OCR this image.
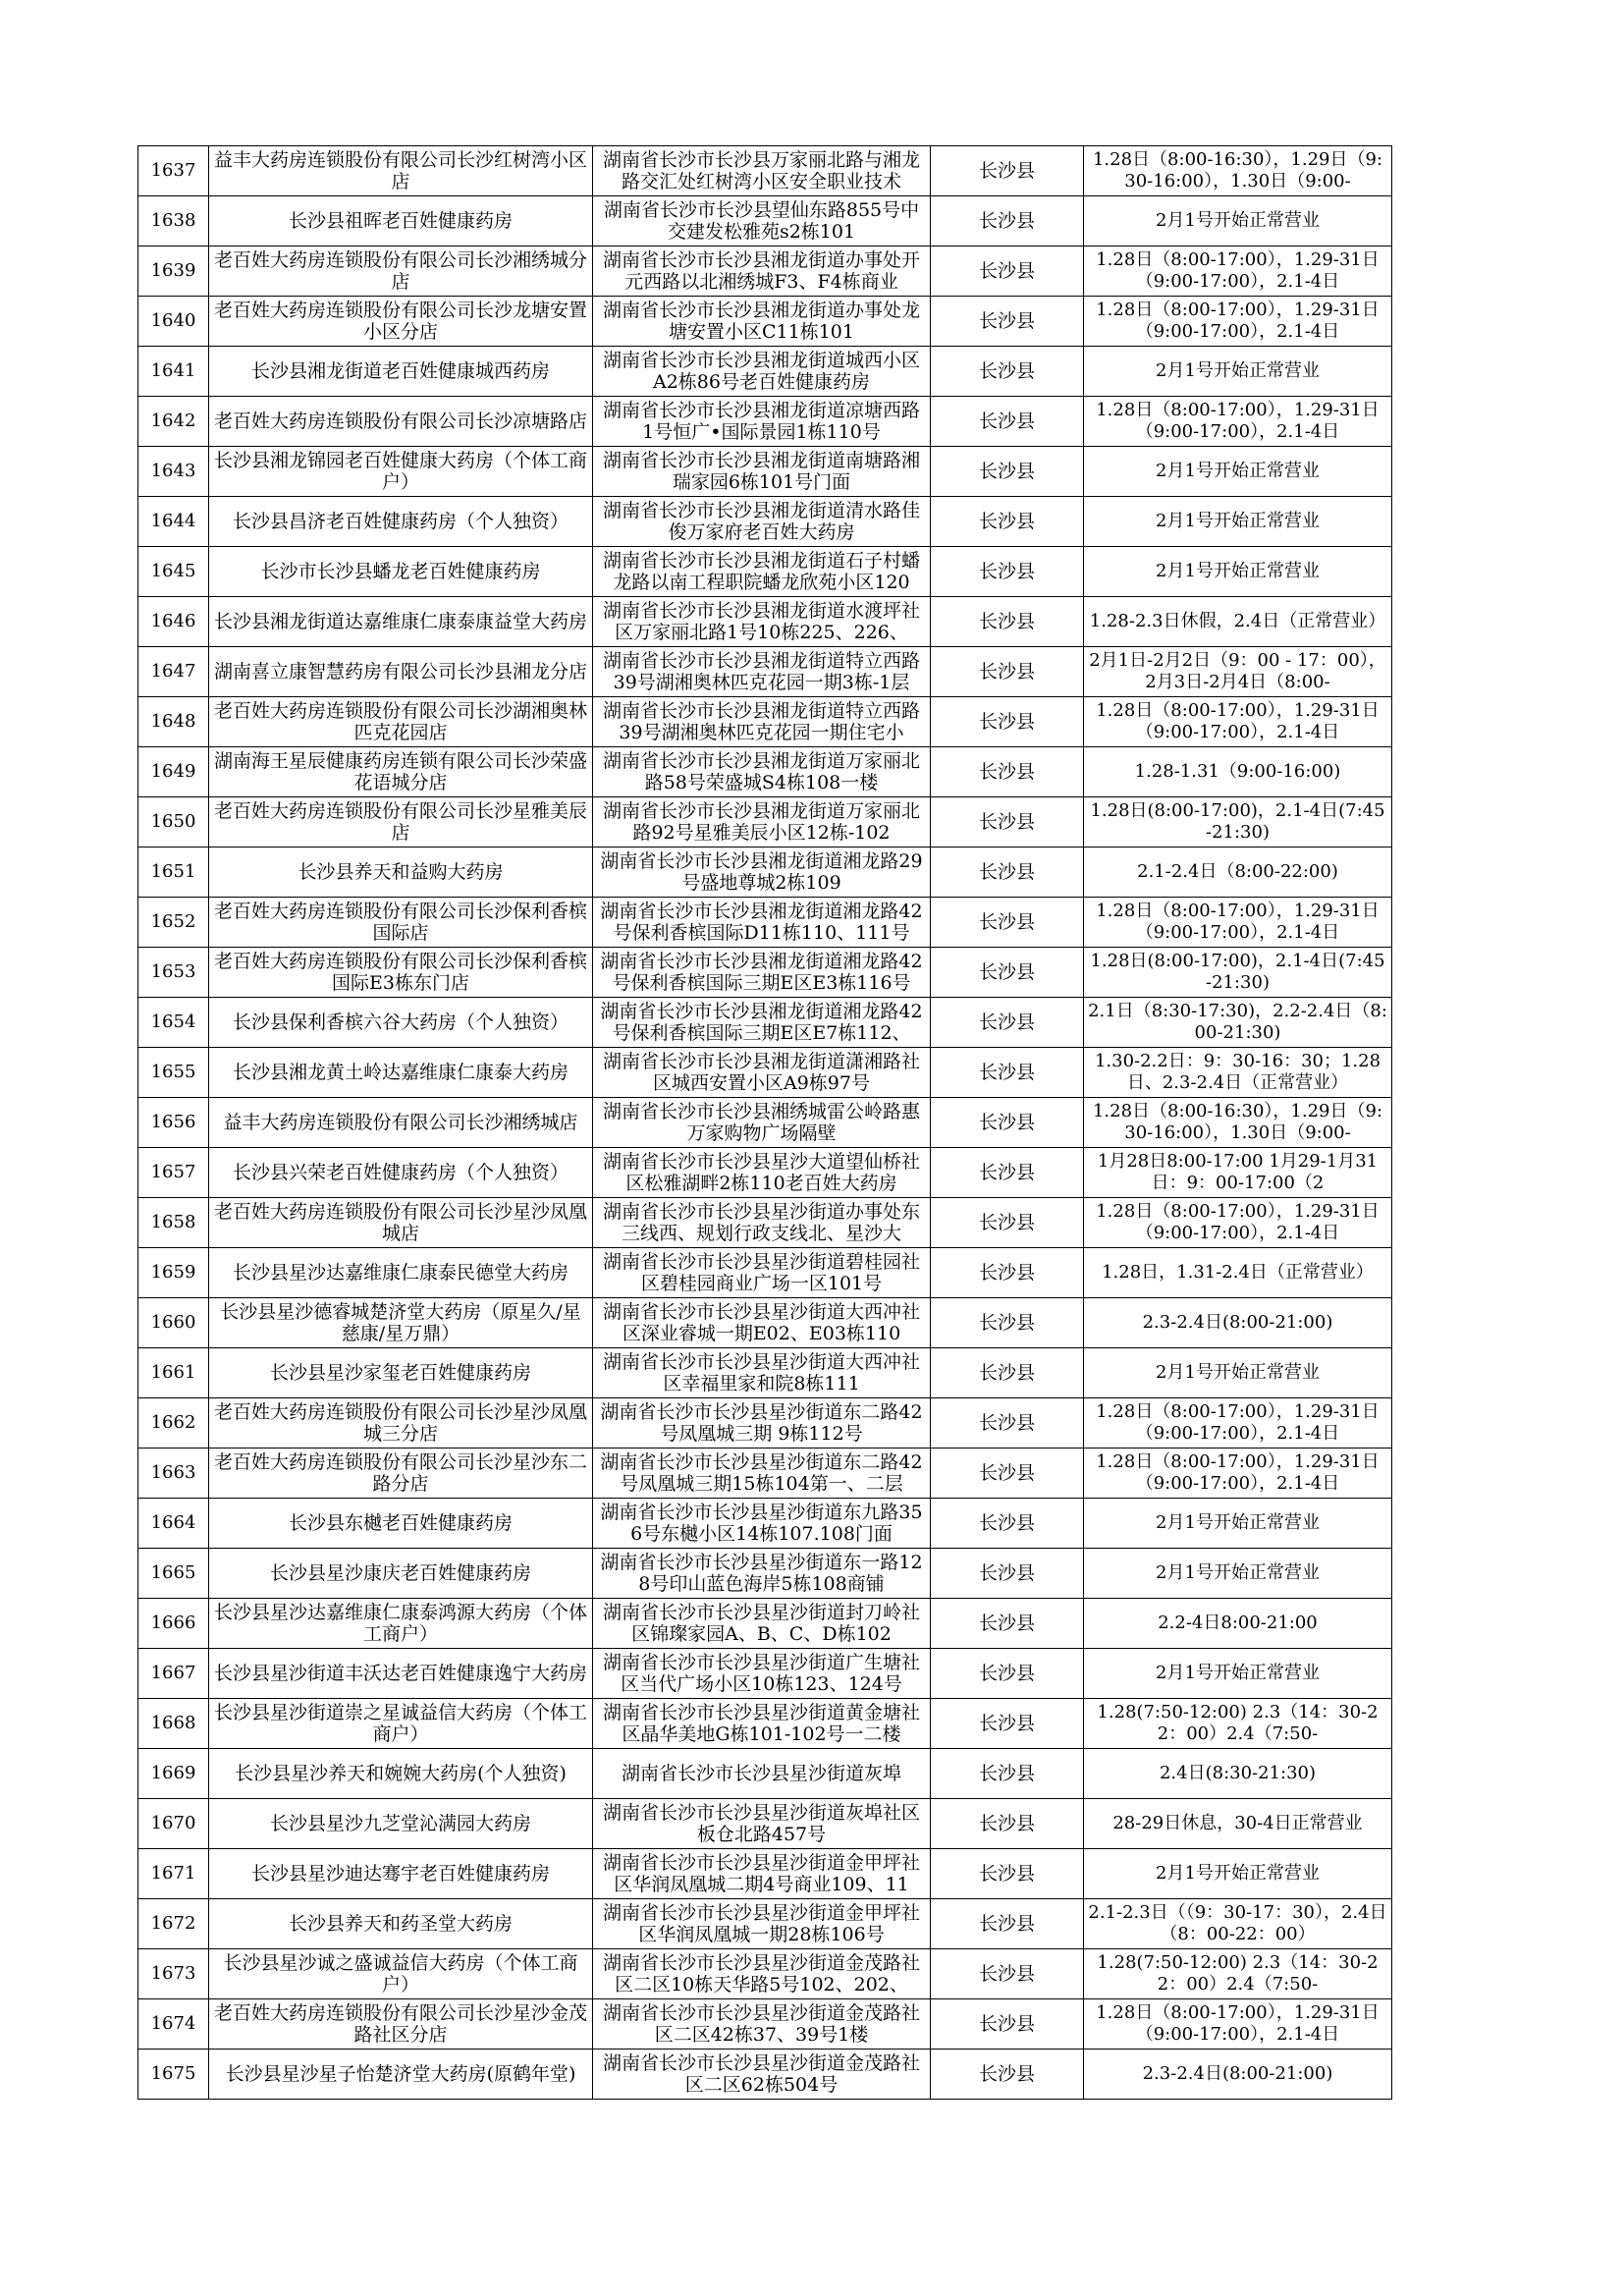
1637	益丰大药房连锁股份有限公司长沙红树湾小区店	湖南省长沙市长沙县万家丽北路与湘龙路交汇处红树湾小区安全职业技术	长沙县	1.28日（8:00-16:30），1.29日（9:30-16:00），1.30日（9:00-

1638	长沙县祖晖老百姓健康药房	湖南省长沙市长沙县望仙东路855号中交建发松雅苑s2栋101	长沙县	2月1号开始正常营业

1639	老百姓大药房连锁股份有限公司长沙湘绣城分店	湖南省长沙市长沙县湘龙街道办事处开元西路以北湘绣城F3、F4栋商业	长沙县	1.28日（8:00-17:00），1.29-31日（9:00-17:00），2.1-4日

1640	老百姓大药房连锁股份有限公司长沙龙塘安置小区分店	湖南省长沙市长沙县湘龙街道办事处龙塘安置小区C11栋101	长沙县	1.28日（8:00-17:00），1.29-31日（9:00-17:00），2.1-4日

1641	长沙县湘龙街道老百姓健康城西药房	湖南省长沙市长沙县湘龙街道城西小区A2栋86号老百姓健康药房	长沙县	2月1号开始正常营业

1642	老百姓大药房连锁股份有限公司长沙凉塘路店	湖南省长沙市长沙县湘龙街道凉塘西路1号恒广•国际景园1栋110号	长沙县	1.28日（8:00-17:00），1.29-31日（9:00-17:00），2.1-4日

1643	长沙县湘龙锦园老百姓健康大药房（个体工商户）	湖南省长沙市长沙县湘龙街道南塘路湘瑞家园6栋101号门面	长沙县	2月1号开始正常营业

1644	长沙县昌济老百姓健康药房（个人独资）	湖南省长沙市长沙县湘龙街道清水路佳俊万家府老百姓大药房	长沙县	2月1号开始正常营业

1645	长沙市长沙县蟠龙老百姓健康药房	湖南省长沙市长沙县湘龙街道石子村蟠龙路以南工程职院蟠龙欣苑小区120	长沙县	2月1号开始正常营业

1646	长沙县湘龙街道达嘉维康仁康泰康益堂大药房	湖南省长沙市长沙县湘龙街道水渡坪社区万家丽北路1号10栋225、226、	长沙县	1.28-2.3日休假，2.4日（正常营业）

1647	湖南喜立康智慧药房有限公司长沙县湘龙分店	湖南省长沙市长沙县湘龙街道特立西路39号湖湘奥林匹克花园一期3栋-1层	长沙县	2月1日-2月2日（9：00 - 17：00），2月3日-2月4日（8:00-

1648	老百姓大药房连锁股份有限公司长沙湖湘奥林匹克花园店	湖南省长沙市长沙县湘龙街道特立西路39号湖湘奥林匹克花园一期住宅小	长沙县	1.28日（8:00-17:00），1.29-31日（9:00-17:00），2.1-4日

1649	湖南海王星辰健康药房连锁有限公司长沙荣盛花语城分店	湖南省长沙市长沙县湘龙街道万家丽北路58号荣盛城S4栋108一楼	长沙县	1.28-1.31（9:00-16:00)

1650	老百姓大药房连锁股份有限公司长沙星雅美辰店	湖南省长沙市长沙县湘龙街道万家丽北路92号星雅美辰小区12栋-102	长沙县	1.28日(8:00-17:00)，2.1-4日(7:45-21:30)

1651	长沙县养天和益购大药房	湖南省长沙市长沙县湘龙街道湘龙路29号盛地尊城2栋109	长沙县	2.1-2.4日（8:00-22:00)

1652	老百姓大药房连锁股份有限公司长沙保利香槟国际店	湖南省长沙市长沙县湘龙街道湘龙路42号保利香槟国际D11栋110、111号	长沙县	1.28日（8:00-17:00），1.29-31日（9:00-17:00），2.1-4日

1653	老百姓大药房连锁股份有限公司长沙保利香槟国际E3栋东门店	湖南省长沙市长沙县湘龙街道湘龙路42号保利香槟国际三期E区E3栋116号	长沙县	1.28日(8:00-17:00)，2.1-4日(7:45-21:30)

1654	长沙县保利香槟六谷大药房（个人独资）	湖南省长沙市长沙县湘龙街道湘龙路42号保利香槟国际三期E区E7栋112、	长沙县	2.1日（8:30-17:30)，2.2-2.4日（8:00-21:30)

1655	长沙县湘龙黄土岭达嘉维康仁康泰大药房	湖南省长沙市长沙县湘龙街道潇湘路社区城西安置小区A9栋97号	长沙县	1.30-2.2日：9：30-16：30；1.28日、2.3-2.4日（正常营业）

1656	益丰大药房连锁股份有限公司长沙湘绣城店	湖南省长沙市长沙县湘绣城雷公岭路惠万家购物广场隔壁	长沙县	1.28日（8:00-16:30），1.29日（9:30-16:00），1.30日（9:00-

1657	长沙县兴荣老百姓健康药房（个人独资）	湖南省长沙市长沙县星沙大道望仙桥社区松雅湖畔2栋110老百姓大药房	长沙县	1月28日8:00-17:00 1月29-1月31日：9：00-17:00（2

1658	老百姓大药房连锁股份有限公司长沙星沙凤凰城店	湖南省长沙市长沙县星沙街道办事处东三线西、规划行政支线北、星沙大	长沙县	1.28日（8:00-17:00），1.29-31日（9:00-17:00），2.1-4日

1659	长沙县星沙达嘉维康仁康泰民德堂大药房	湖南省长沙市长沙县星沙街道碧桂园社区碧桂园商业广场一区101号	长沙县	1.28日，1.31-2.4日（正常营业）

1660	长沙县星沙德睿城楚济堂大药房（原星久/星慈康/星万鼎）	湖南省长沙市长沙县星沙街道大西冲社区深业睿城一期E02、E03栋110	长沙县	2.3-2.4日(8:00-21:00)

1661	长沙县星沙家玺老百姓健康药房	湖南省长沙市长沙县星沙街道大西冲社区幸福里家和院8栋111	长沙县	2月1号开始正常营业

1662	老百姓大药房连锁股份有限公司长沙星沙凤凰城三分店	湖南省长沙市长沙县星沙街道东二路42号凤凰城三期 9栋112号	长沙县	1.28日（8:00-17:00），1.29-31日（9:00-17:00），2.1-4日

1663	老百姓大药房连锁股份有限公司长沙星沙东二路分店	湖南省长沙市长沙县星沙街道东二路42号凤凰城三期15栋104第一、二层	长沙县	1.28日（8:00-17:00），1.29-31日（9:00-17:00），2.1-4日

1664	长沙县东樾老百姓健康药房	湖南省长沙市长沙县星沙街道东九路356号东樾小区14栋107.108门面	长沙县	2月1号开始正常营业

1665	长沙县星沙康庆老百姓健康药房	湖南省长沙市长沙县星沙街道东一路128号印山蓝色海岸5栋108商铺	长沙县	2月1号开始正常营业

1666	长沙县星沙达嘉维康仁康泰鸿源大药房（个体工商户）	湖南省长沙市长沙县星沙街道封刀岭社区锦璨家园A、B、C、D栋102	长沙县	2.2-4日8:00-21:00

1667	长沙县星沙街道丰沃达老百姓健康逸宁大药房	湖南省长沙市长沙县星沙街道广生塘社区当代广场小区10栋123、124号	长沙县	2月1号开始正常营业

1668	长沙县星沙街道崇之星诚益信大药房（个体工商户）	湖南省长沙市长沙县星沙街道黄金塘社区晶华美地G栋101-102号一二楼	长沙县	1.28(7:50-12:00) 2.3（14：30-22：00）2.4（7:50-

1669	长沙县星沙养天和婉婉大药房(个人独资)	湖南省长沙市长沙县星沙街道灰埠	长沙县	2.4日(8:30-21:30)

1670	长沙县星沙九芝堂沁满园大药房	湖南省长沙市长沙县星沙街道灰埠社区板仓北路457号	长沙县	28-29日休息，30-4日正常营业

1671	长沙县星沙迪达骞宇老百姓健康药房	湖南省长沙市长沙县星沙街道金甲坪社区华润凤凰城二期4号商业109、11	长沙县	2月1号开始正常营业

1672	长沙县养天和药圣堂大药房	湖南省长沙市长沙县星沙街道金甲坪社区华润凤凰城一期28栋106号	长沙县	2.1-2.3日（（9：30-17：30），2.4日（8：00-22：00）

1673	长沙县星沙诚之盛诚益信大药房（个体工商户）	湖南省长沙市长沙县星沙街道金茂路社区二区10栋天华路5号102、202、	长沙县	1.28(7:50-12:00) 2.3（14：30-22：00）2.4（7:50-

1674	老百姓大药房连锁股份有限公司长沙星沙金茂路社区分店	湖南省长沙市长沙县星沙街道金茂路社区二区42栋37、39号1楼	长沙县	1.28日（8:00-17:00），1.29-31日（9:00-17:00），2.1-4日

1675	长沙县星沙星子怡楚济堂大药房(原鹤年堂)	湖南省长沙市长沙县星沙街道金茂路社区二区62栋504号	长沙县	2.3-2.4日(8:00-21:00)
